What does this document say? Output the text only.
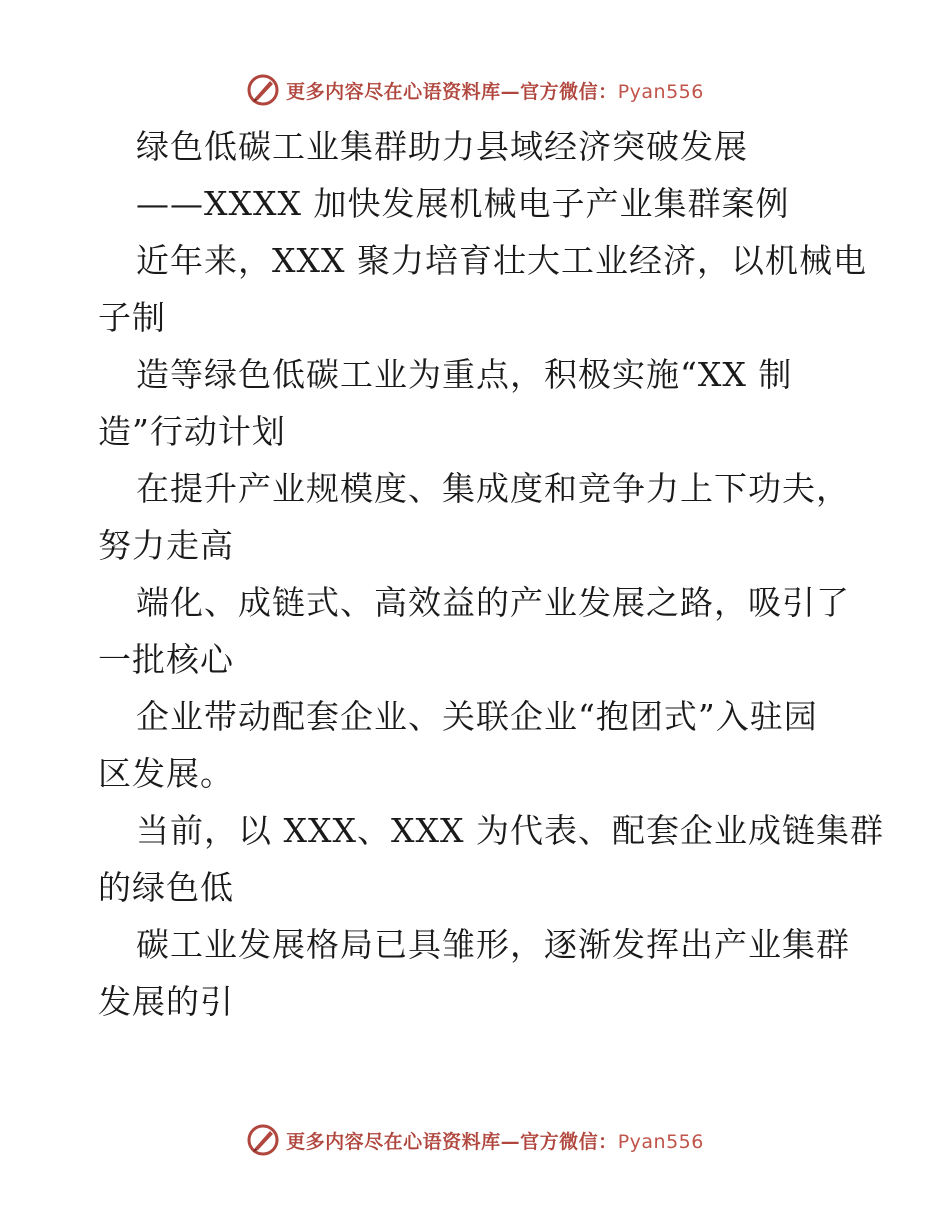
更多内容尽在心语资料库—官方微信：Pyan556
绿色低碳工业集群助力县域经济突破发展
——XXXX 加快发展机械电子产业集群案例
近年来，XXX 聚力培育壮大工业经济，以机械电
子制
造等绿色低碳工业为重点，积极实施“XX 制
造”行动计划
在提升产业规模度、集成度和竞争力上下功夫，
努力走高
端化、成链式、高效益的产业发展之路，吸引了
一批核心
企业带动配套企业、关联企业“抱团式”入驻园
区发展。
当前，以 XXX、XXX 为代表、配套企业成链集群
的绿色低
碳工业发展格局已具雏形，逐渐发挥出产业集群
发展的引
更多内容尽在心语资料库—官方微信：Pyan556
